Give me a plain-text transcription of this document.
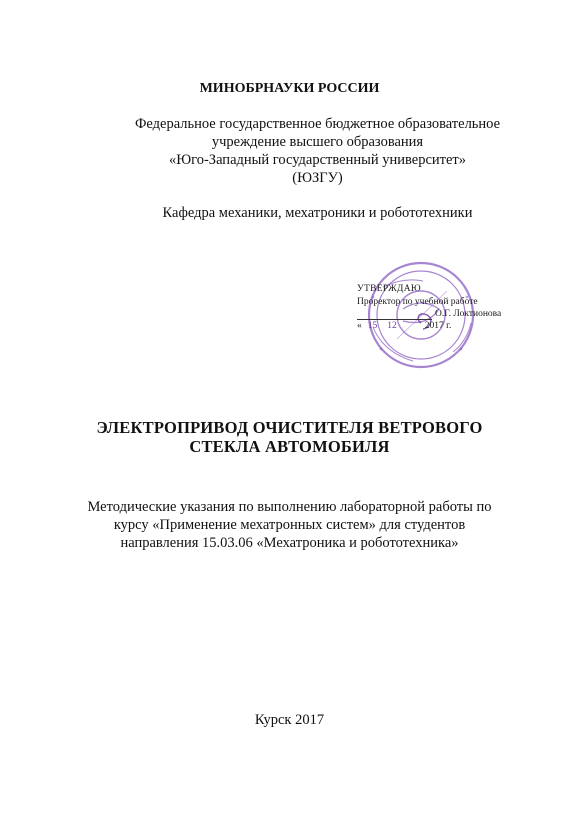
МИНОБРНАУКИ РОССИИ
Федеральное государственное бюджетное образовательное
учреждение высшего образования
«Юго-Западный государственный университет»
(ЮЗГУ)
Кафедра механики, мехатроники и робототехники
УТВЕРЖДАЮ
Проректор по учебной работе
О.Г. Локтионова
« 15 12	2017 г.
ЭЛЕКТРОПРИВОД ОЧИСТИТЕЛЯ ВЕТРОВОГО
СТЕКЛА АВТОМОБИЛЯ
Методические указания по выполнению лабораторной работы по
курсу «Применение мехатронных систем» для студентов
направления 15.03.06 «Мехатроника и робототехника»
Курск 2017
